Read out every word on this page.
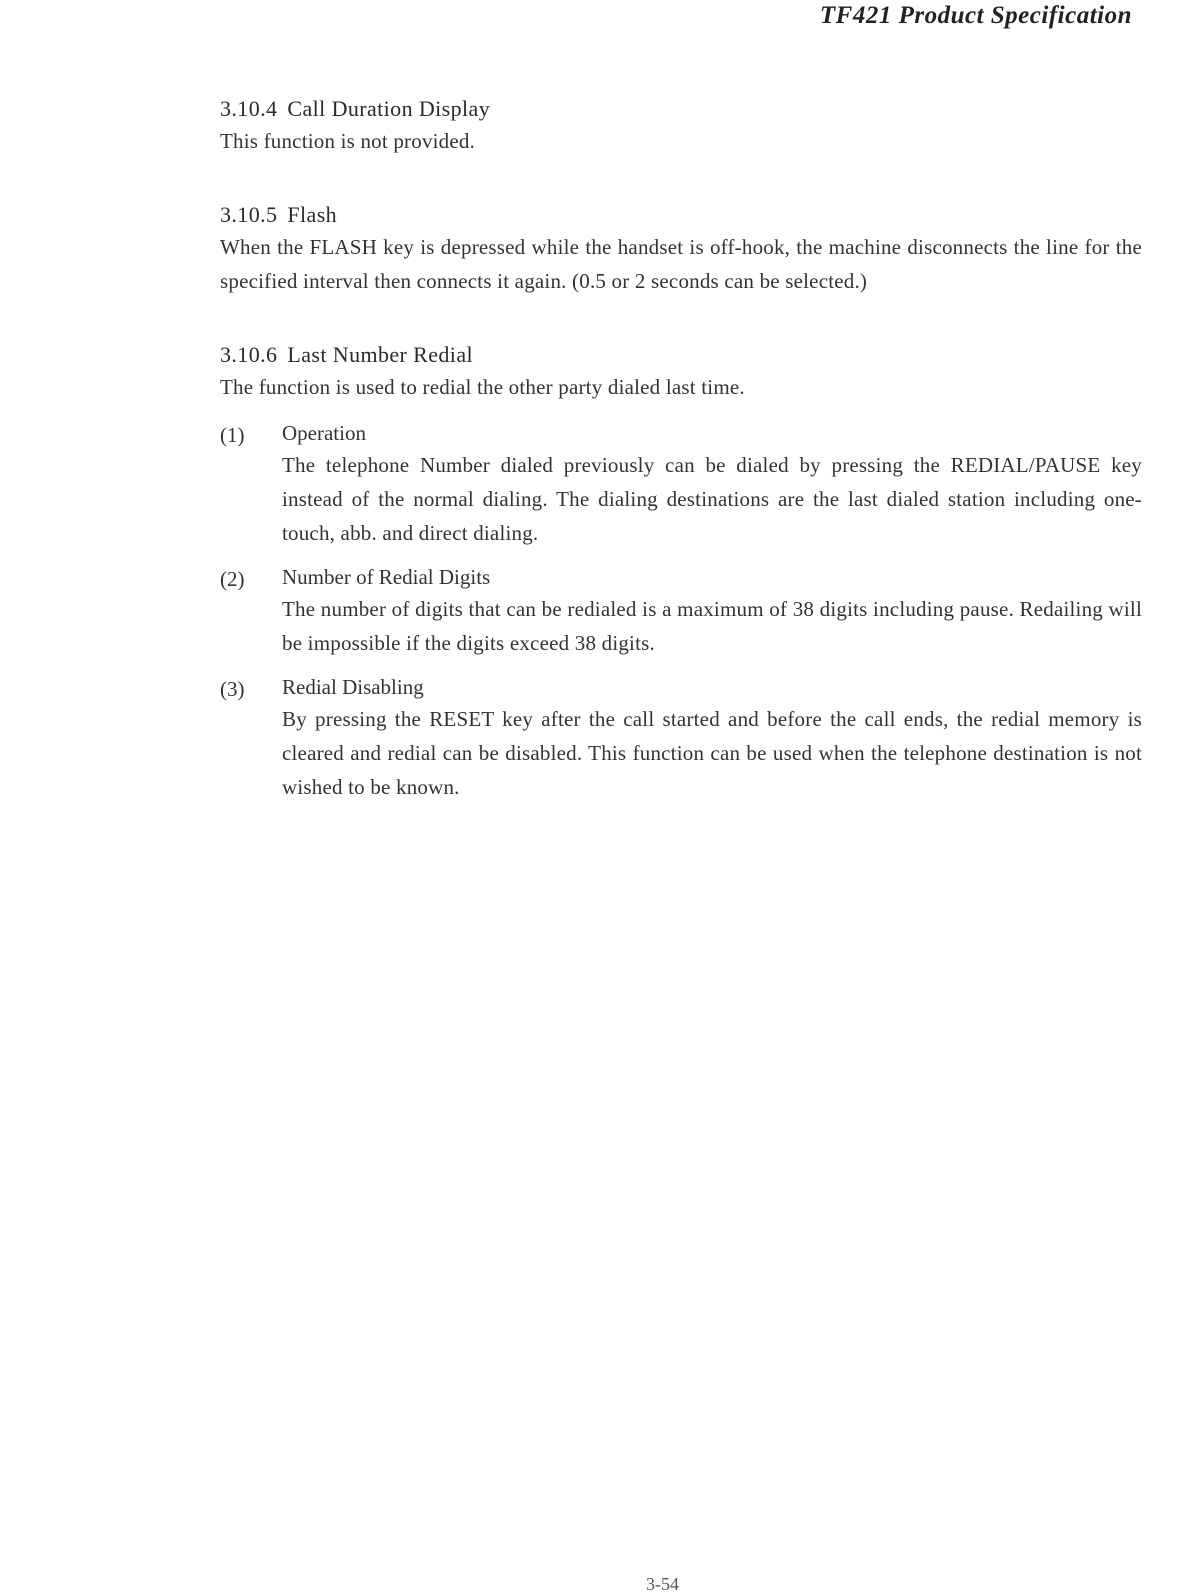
TF421 Product Specification
3.10.4 Call Duration Display
This function is not provided.
3.10.5 Flash
When the FLASH key is depressed while the handset is off-hook, the machine disconnects the line for the specified interval then connects it again. (0.5 or 2 seconds can be selected.)
3.10.6 Last Number Redial
The function is used to redial the other party dialed last time.
(1) Operation
The telephone Number dialed previously can be dialed by pressing the REDIAL/PAUSE key instead of the normal dialing. The dialing destinations are the last dialed station including one-touch, abb. and direct dialing.
(2) Number of Redial Digits
The number of digits that can be redialed is a maximum of 38 digits including pause. Redailing will be impossible if the digits exceed 38 digits.
(3) Redial Disabling
By pressing the RESET key after the call started and before the call ends, the redial memory is cleared and redial can be disabled. This function can be used when the telephone destination is not wished to be known.
3-54
